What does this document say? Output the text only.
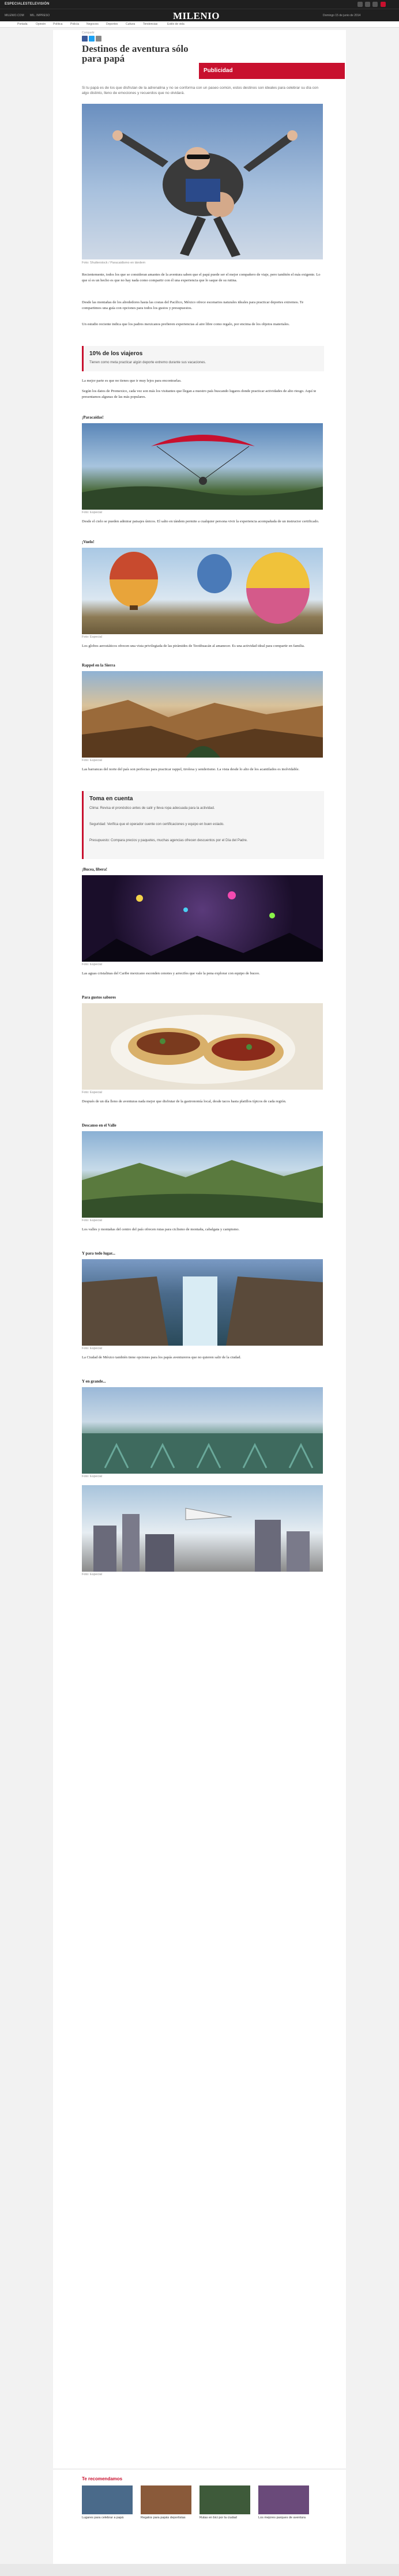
ESPECIALES TELEVISIÓN
MILENIO.COM MIL. IMPRESO	MILENIO	Domingo 15 de junio de 2014
Portada	Opinión	Política	Policía	Negocios	Deportes	Cultura	Tendencias	Estilo de vida
Compartir
Destinos de aventura sólo para papá
Publicidad

Si tu papá es de los que disfrutan de la adrenalina y no se conforma con un paseo común, estos destinos son ideales para celebrar su día con algo distinto, lleno de emociones y recuerdos que no olvidará.

Foto: Shutterstock / Paracaidismo en tándem

Recientemente, todos los que se consideran amantes de la aventura saben que el papá puede ser el mejor compañero de viaje, pero también el más exigente. Lo que sí es un hecho es que no hay nada como compartir con él una experiencia que lo saque de su rutina.

Desde las montañas de los alrededores hasta las costas del Pacífico, México ofrece escenarios naturales ideales para practicar deportes extremos. Te compartimos una guía con opciones para todos los gustos y presupuestos.

Un estudio reciente indica que los padres mexicanos prefieren experiencias al aire libre como regalo, por encima de los objetos materiales.

10% de los viajeros
Tienen como meta practicar algún deporte extremo durante sus vacaciones.

La mejor parte es que no tienes que ir muy lejos para encontrarlas.

Según los datos de Promexico, cada vez son más los visitantes que llegan a nuestro país buscando lugares donde practicar actividades de alto riesgo. Aquí te presentamos algunas de las más populares.

¡Paracaídas!
Foto: Especial

Desde el cielo se pueden admirar paisajes únicos. El salto en tándem permite a cualquier persona vivir la experiencia acompañada de un instructor certificado.

¡Vuelo!
Foto: Especial

Los globos aerostáticos ofrecen una vista privilegiada de las pirámides de Teotihuacán al amanecer. Es una actividad ideal para compartir en familia.

Rappel en la Sierra
Foto: Especial

Las barrancas del norte del país son perfectas para practicar rappel, tirolesa y senderismo. La vista desde lo alto de los acantilados es inolvidable.

Toma en cuenta
Clima: Revisa el pronóstico antes de salir y lleva ropa adecuada para la actividad.
Seguridad: Verifica que el operador cuente con certificaciones y equipo en buen estado.
Presupuesto: Compara precios y paquetes, muchas agencias ofrecen descuentos por el Día del Padre.
¡Bucea, libera!
Foto: Especial

Las aguas cristalinas del Caribe mexicano esconden cenotes y arrecifes que vale la pena explorar con equipo de buceo.

Para gustos sabores
Foto: Especial

Después de un día lleno de aventuras nada mejor que disfrutar de la gastronomía local, desde tacos hasta platillos típicos de cada región.

Descanso en el Valle
Foto: Especial

Los valles y montañas del centro del país ofrecen rutas para ciclismo de montaña, cabalgata y campismo.

Y para todo lugar...
Foto: Especial

La Ciudad de México también tiene opciones para los papás aventureros que no quieren salir de la ciudad.

Y en grande...
Foto: Especial
Foto: Especial
Te recomendamos

Lugares para celebrar a papá	Regalos para papás deportistas	Rutas en bici por la ciudad	Los mejores parques de aventura
